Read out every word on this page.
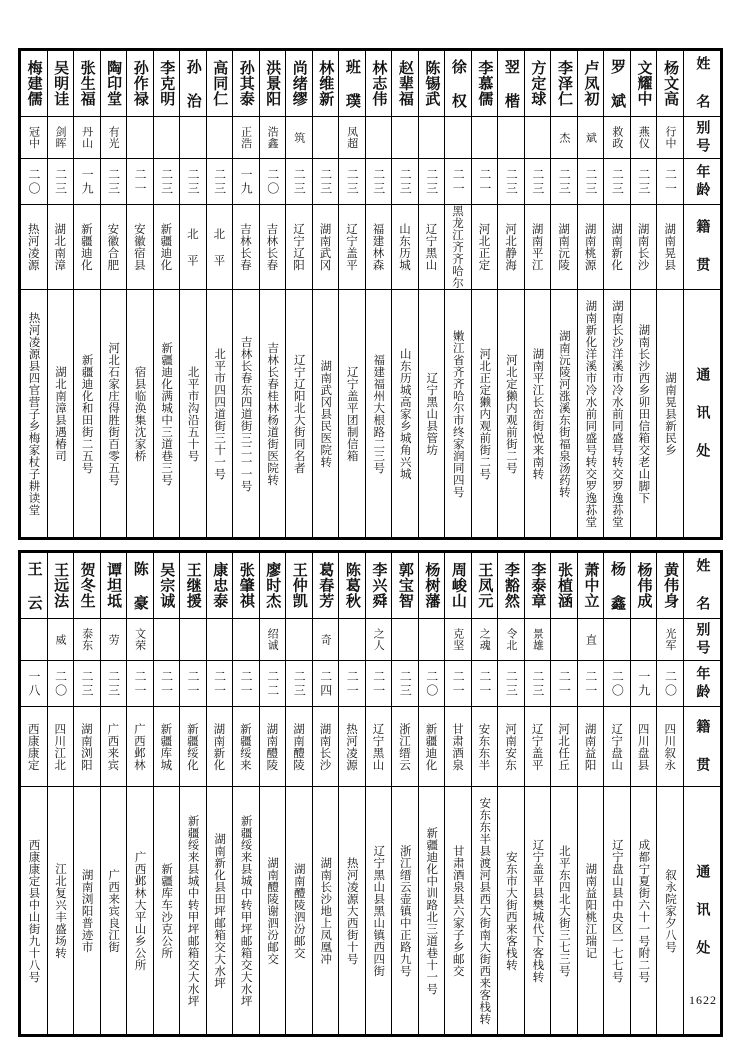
梅建儒	吴明诖	张生福	陶印堂	孙作禄	李克明	孙 治	高同仁	孙其泰	洪景阳	尚绪缪	林维新	班 璞	林志伟	赵辈福	陈锡武	徐 权	李慕儒	翌 楷	方定球	李泽仁	卢凤初	罗 斌	文耀中	杨文高	姓 名

冠中	剑晖	丹山	有光					正浩	浩鑫	筑		凤超								杰	斌	救政	燕仪	行中	别号

二〇	二三	一九	二三	二一	二三	二三	二三	一九	二〇	二三	二三	二三	二三	二三	二三	二一	二一	二三	二三	二三	二三	二三	二三	二一	年龄

热河凌源	湖北南漳	新疆迪化	安徽合肥	安徽宿县	新疆迪化	北 平	北 平	吉林长春	吉林长春	辽宁辽阳	湖南武冈	辽宁盖平	福建林森	山东历城	辽宁黑山	黑龙江齐齐哈尔	河北正定	河北静海	湖南平江	湖南沅陵	湖南桃源	湖南新化	湖南长沙	湖南晃县	籍 贯

热河凌源县四官营子乡梅家杖子耕读堂	湖北南漳县遇椿司	新疆迪化和田街二五号	河北石家庄得胜街百零五号	宿县临涣集沈家桥	新疆迪化满城中三道巷三号	北平市沟沿五十号	北平市四四道街三十一号	吉林长春东四道街三二一一号	吉林长春桂林杨道街医院转	辽宁辽阳北大街同名者	湖南武冈县民医院转	辽宁盖平团制信箱	福建福州大根路二三号	山东历城高家乡城角兴城	辽宁黑山县管坊	嫩江省齐齐哈尔市终家润同四号	河北正定獭内观前街二号	河北定獭内观前街二号	湖南平江长峦街悦来南转	湖南沅陵河涨溪东街福泉汤药转	湖南新化洋溪市冷水前同盛号转交罗逸荪堂	湖南长沙洋溪市冷水前同盛号转交罗逸荪堂	湖南长沙西乡卯田信箱交老山脚下	湖南晃县新民乡	通 讯 处
王 云	王远法	贺冬生	谭坦坻	陈 豪	吴宗诚	王继援	康忠泰	张肇祺	廖时杰	王仲凯	葛春芳	陈葛秋	李兴舜	郭宝智	杨树藩	周峻山	王凤元	李豁然	李泰章	张植涵	萧中立	杨 鑫	杨伟成	黄伟身	姓 名

	威	泰东	劳	文荣					绍诚		奇		之人			克坚	之魂	令北	景雄		直			光军	别号

一八	二〇	二三	二三	二一	二一	二一	二一	二一	二二	二三	二四	二一	二一	二三	二〇	二一	二一	二三	二三	二一	二一	二〇	一九	二〇	年龄

西康康定	四川江北	湖南浏阳	广西来宾	广西邺林	新疆库城	新疆绥化	湖南新化	新疆绥来	湖南醴陵	湖南醴陵	湖南长沙	热河凌源	辽宁黑山	浙江缙云	新疆迪化	甘肃酒泉	安东东半	河南安东	辽宁盖平	河北任丘	湖南益阳	辽宁盘山	四川盘县	四川叙永	籍 贯

西康康定县中山街九十八号	江北复兴丰盛场转	湖南浏阳普迹市	广西来宾良江街	广西邺林大平山乡公所	新疆库车沙克公所	新疆绥来县城中转甲坪邮箱交大水坪	湖南新化县田坪邮箱交大水坪	新疆绥来县城中转甲坪邮箱交大水坪	湖南醴陵谢泗汾邮交	湖南醴陵泗汾邮交	湖南长沙地上凤凰冲	热河凌源大西街十号	辽宁黑山县黑山镇西四街	浙江缙云壶镇中正路九号	新疆迪化中训路北三道巷十一号	甘肃酒泉县六家子乡邮交	安东东半县渡河县西大街南大街西来客栈转	安东市大街西来客栈转	辽宁盖平县樊城代下客栈转	北平东四北大街三七三号	湖南益阳桃江瑞记	辽宁盘山县中央区一七七号	成都宁夏街六十一号附二号	叙永院家夕八号	通 讯 处
1622
